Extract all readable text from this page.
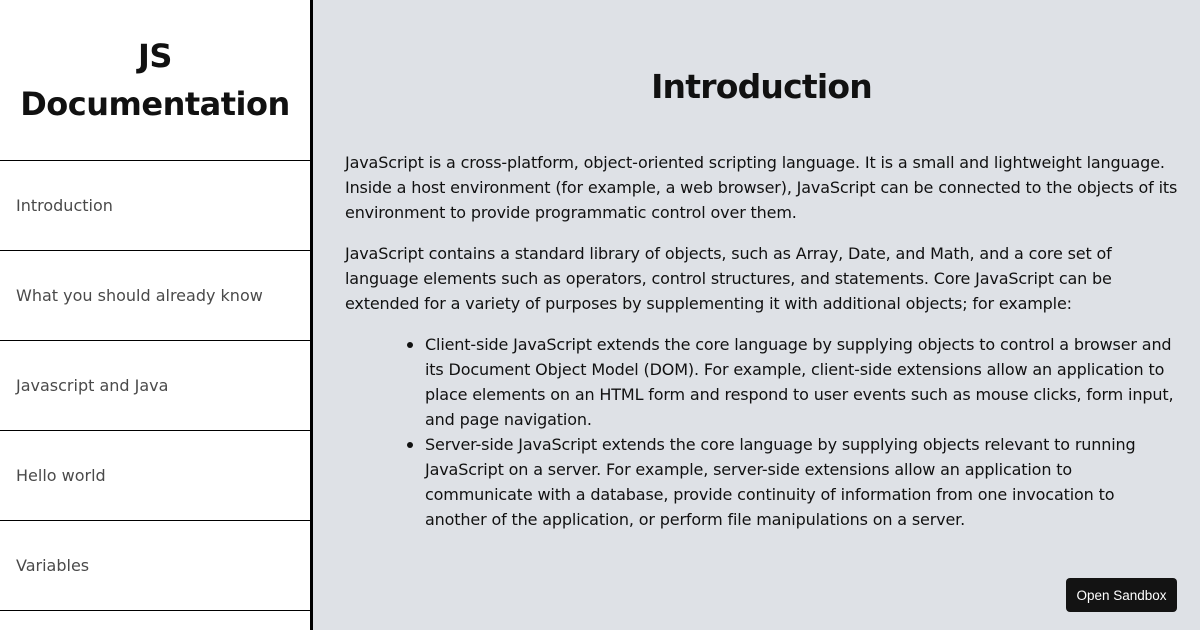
JS Documentation
Introduction
What you should already know
Javascript and Java
Hello world
Variables
Introduction

JavaScript is a cross-platform, object-oriented scripting language. It is a small and lightweight language. Inside a host environment (for example, a web browser), JavaScript can be connected to the objects of its environment to provide programmatic control over them.

JavaScript contains a standard library of objects, such as Array, Date, and Math, and a core set of language elements such as operators, control structures, and statements. Core JavaScript can be extended for a variety of purposes by supplementing it with additional objects; for example:

Client-side JavaScript extends the core language by supplying objects to control a browser and its Document Object Model (DOM). For example, client-side extensions allow an application to place elements on an HTML form and respond to user events such as mouse clicks, form input, and page navigation.
Server-side JavaScript extends the core language by supplying objects relevant to running JavaScript on a server. For example, server-side extensions allow an application to communicate with a database, provide continuity of information from one invocation to another of the application, or perform file manipulations on a server.
Open Sandbox
